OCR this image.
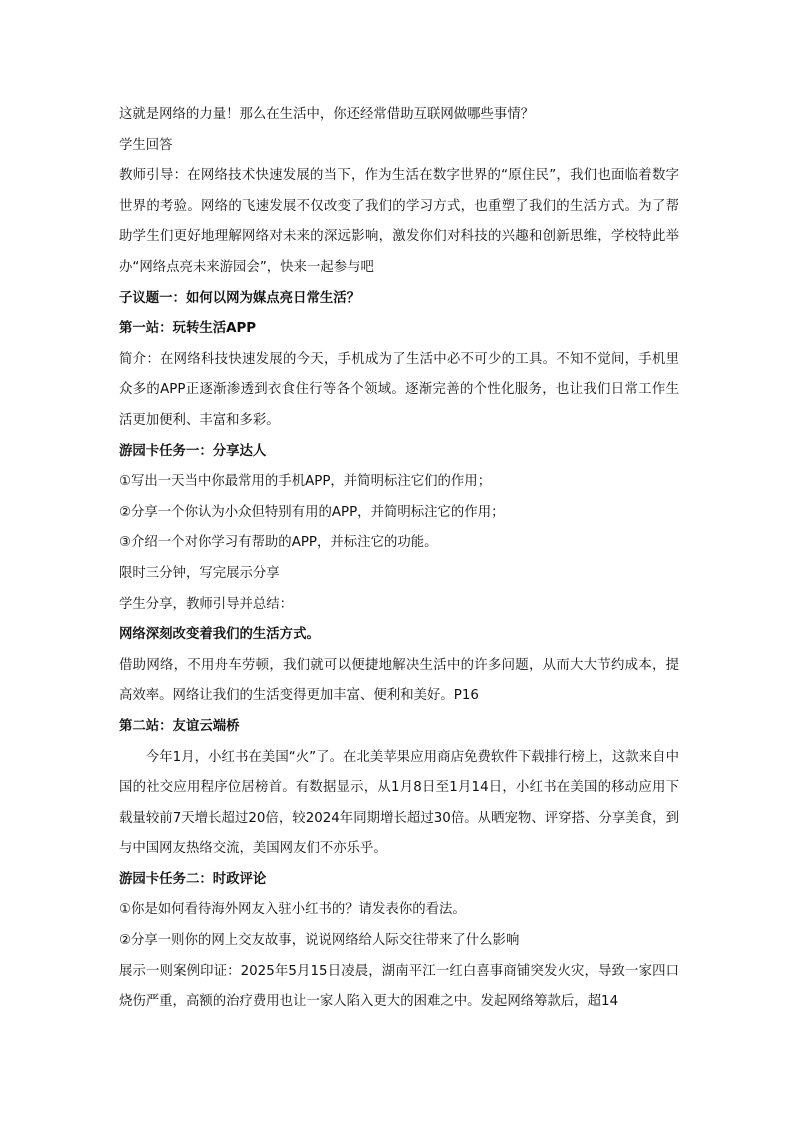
这就是网络的力量！那么在生活中，你还经常借助互联网做哪些事情？
学生回答
教师引导：在网络技术快速发展的当下，作为生活在数字世界的“原住民”，我们也面临着数字世界的考验。网络的飞速发展不仅改变了我们的学习方式，也重塑了我们的生活方式。为了帮助学生们更好地理解网络对未来的深远影响，激发你们对科技的兴趣和创新思维，学校特此举办“网络点亮未来游园会”，快来一起参与吧
子议题一：如何以网为媒点亮日常生活？
第一站：玩转生活APP
简介：在网络科技快速发展的今天，手机成为了生活中必不可少的工具。不知不觉间，手机里众多的APP正逐渐渗透到衣食住行等各个领域。逐渐完善的个性化服务，也让我们日常工作生活更加便利、丰富和多彩。
游园卡任务一：分享达人
①写出一天当中你最常用的手机APP，并简明标注它们的作用；
②分享一个你认为小众但特别有用的APP，并简明标注它的作用；
③介绍一个对你学习有帮助的APP，并标注它的功能。
限时三分钟，写完展示分享
学生分享，教师引导并总结：
网络深刻改变着我们的生活方式。
借助网络，不用舟车劳顿，我们就可以便捷地解决生活中的许多问题，从而大大节约成本，提高效率。网络让我们的生活变得更加丰富、便利和美好。P16
第二站：友谊云端桥
今年1月，小红书在美国“火”了。在北美苹果应用商店免费软件下载排行榜上，这款来自中国的社交应用程序位居榜首。有数据显示，从1月8日至1月14日，小红书在美国的移动应用下载量较前7天增长超过20倍，较2024年同期增长超过30倍。从晒宠物、评穿搭、分享美食，到与中国网友热络交流，美国网友们不亦乐乎。
游园卡任务二：时政评论
①你是如何看待海外网友入驻小红书的？请发表你的看法。
②分享一则你的网上交友故事，说说网络给人际交往带来了什么影响
展示一则案例印证：2025年5月15日凌晨，湖南平江一红白喜事商铺突发火灾，导致一家四口烧伤严重，高额的治疗费用也让一家人陷入更大的困难之中。发起网络筹款后，超14
